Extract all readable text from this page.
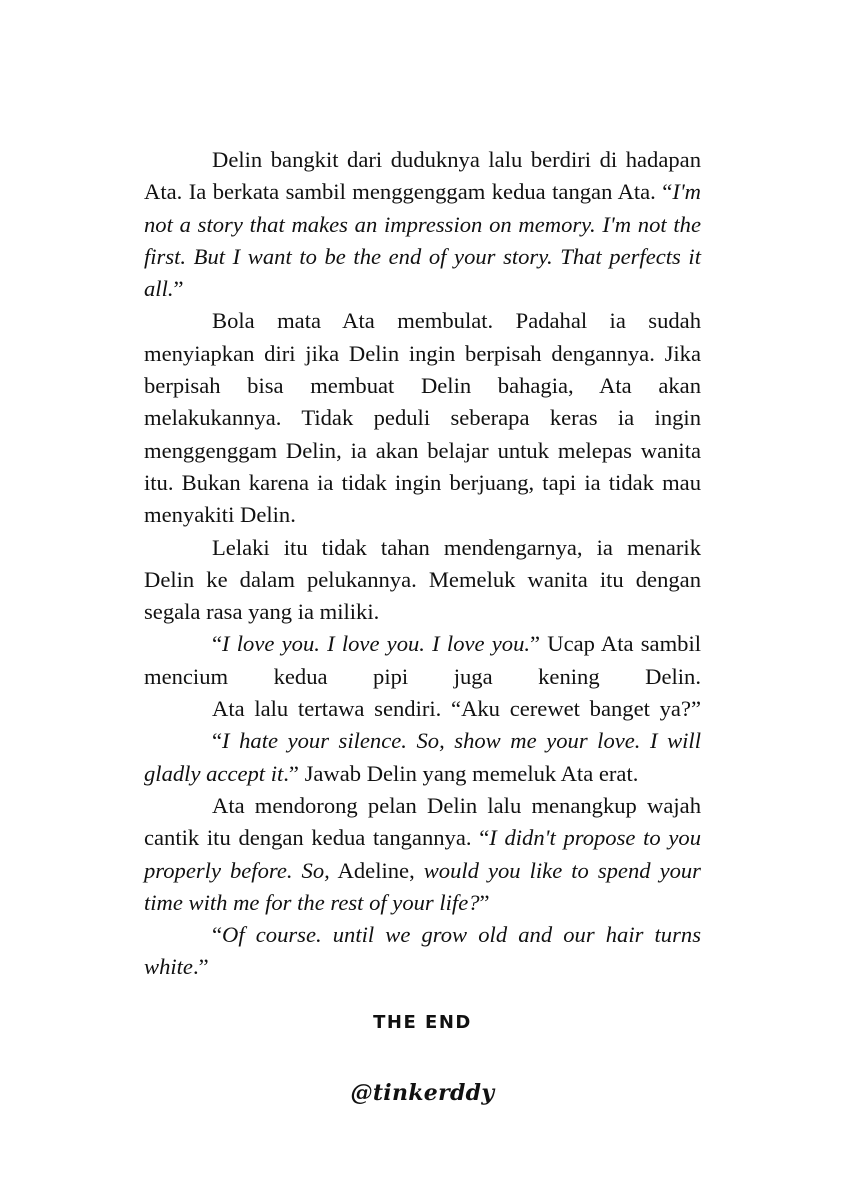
Delin bangkit dari duduknya lalu berdiri di hadapan Ata. Ia berkata sambil menggenggam kedua tangan Ata. “I'm not a story that makes an impression on memory. I'm not the first. But I want to be the end of your story. That perfects it all.”

Bola mata Ata membulat. Padahal ia sudah menyiapkan diri jika Delin ingin berpisah dengannya. Jika berpisah bisa membuat Delin bahagia, Ata akan melakukannya. Tidak peduli seberapa keras ia ingin menggenggam Delin, ia akan belajar untuk melepas wanita itu. Bukan karena ia tidak ingin berjuang, tapi ia tidak mau menyakiti Delin.

Lelaki itu tidak tahan mendengarnya, ia menarik Delin ke dalam pelukannya. Memeluk wanita itu dengan segala rasa yang ia miliki.

“I love you. I love you. I love you.” Ucap Ata sambil mencium kedua pipi juga kening Delin.

Ata lalu tertawa sendiri. “Aku cerewet banget ya?”

“I hate your silence. So, show me your love. I will gladly accept it.” Jawab Delin yang memeluk Ata erat.

Ata mendorong pelan Delin lalu menangkup wajah cantik itu dengan kedua tangannya. “I didn't propose to you properly before. So, Adeline, would you like to spend your time with me for the rest of your life?”

“Of course. until we grow old and our hair turns white.”

THE END
@tinkerddy
